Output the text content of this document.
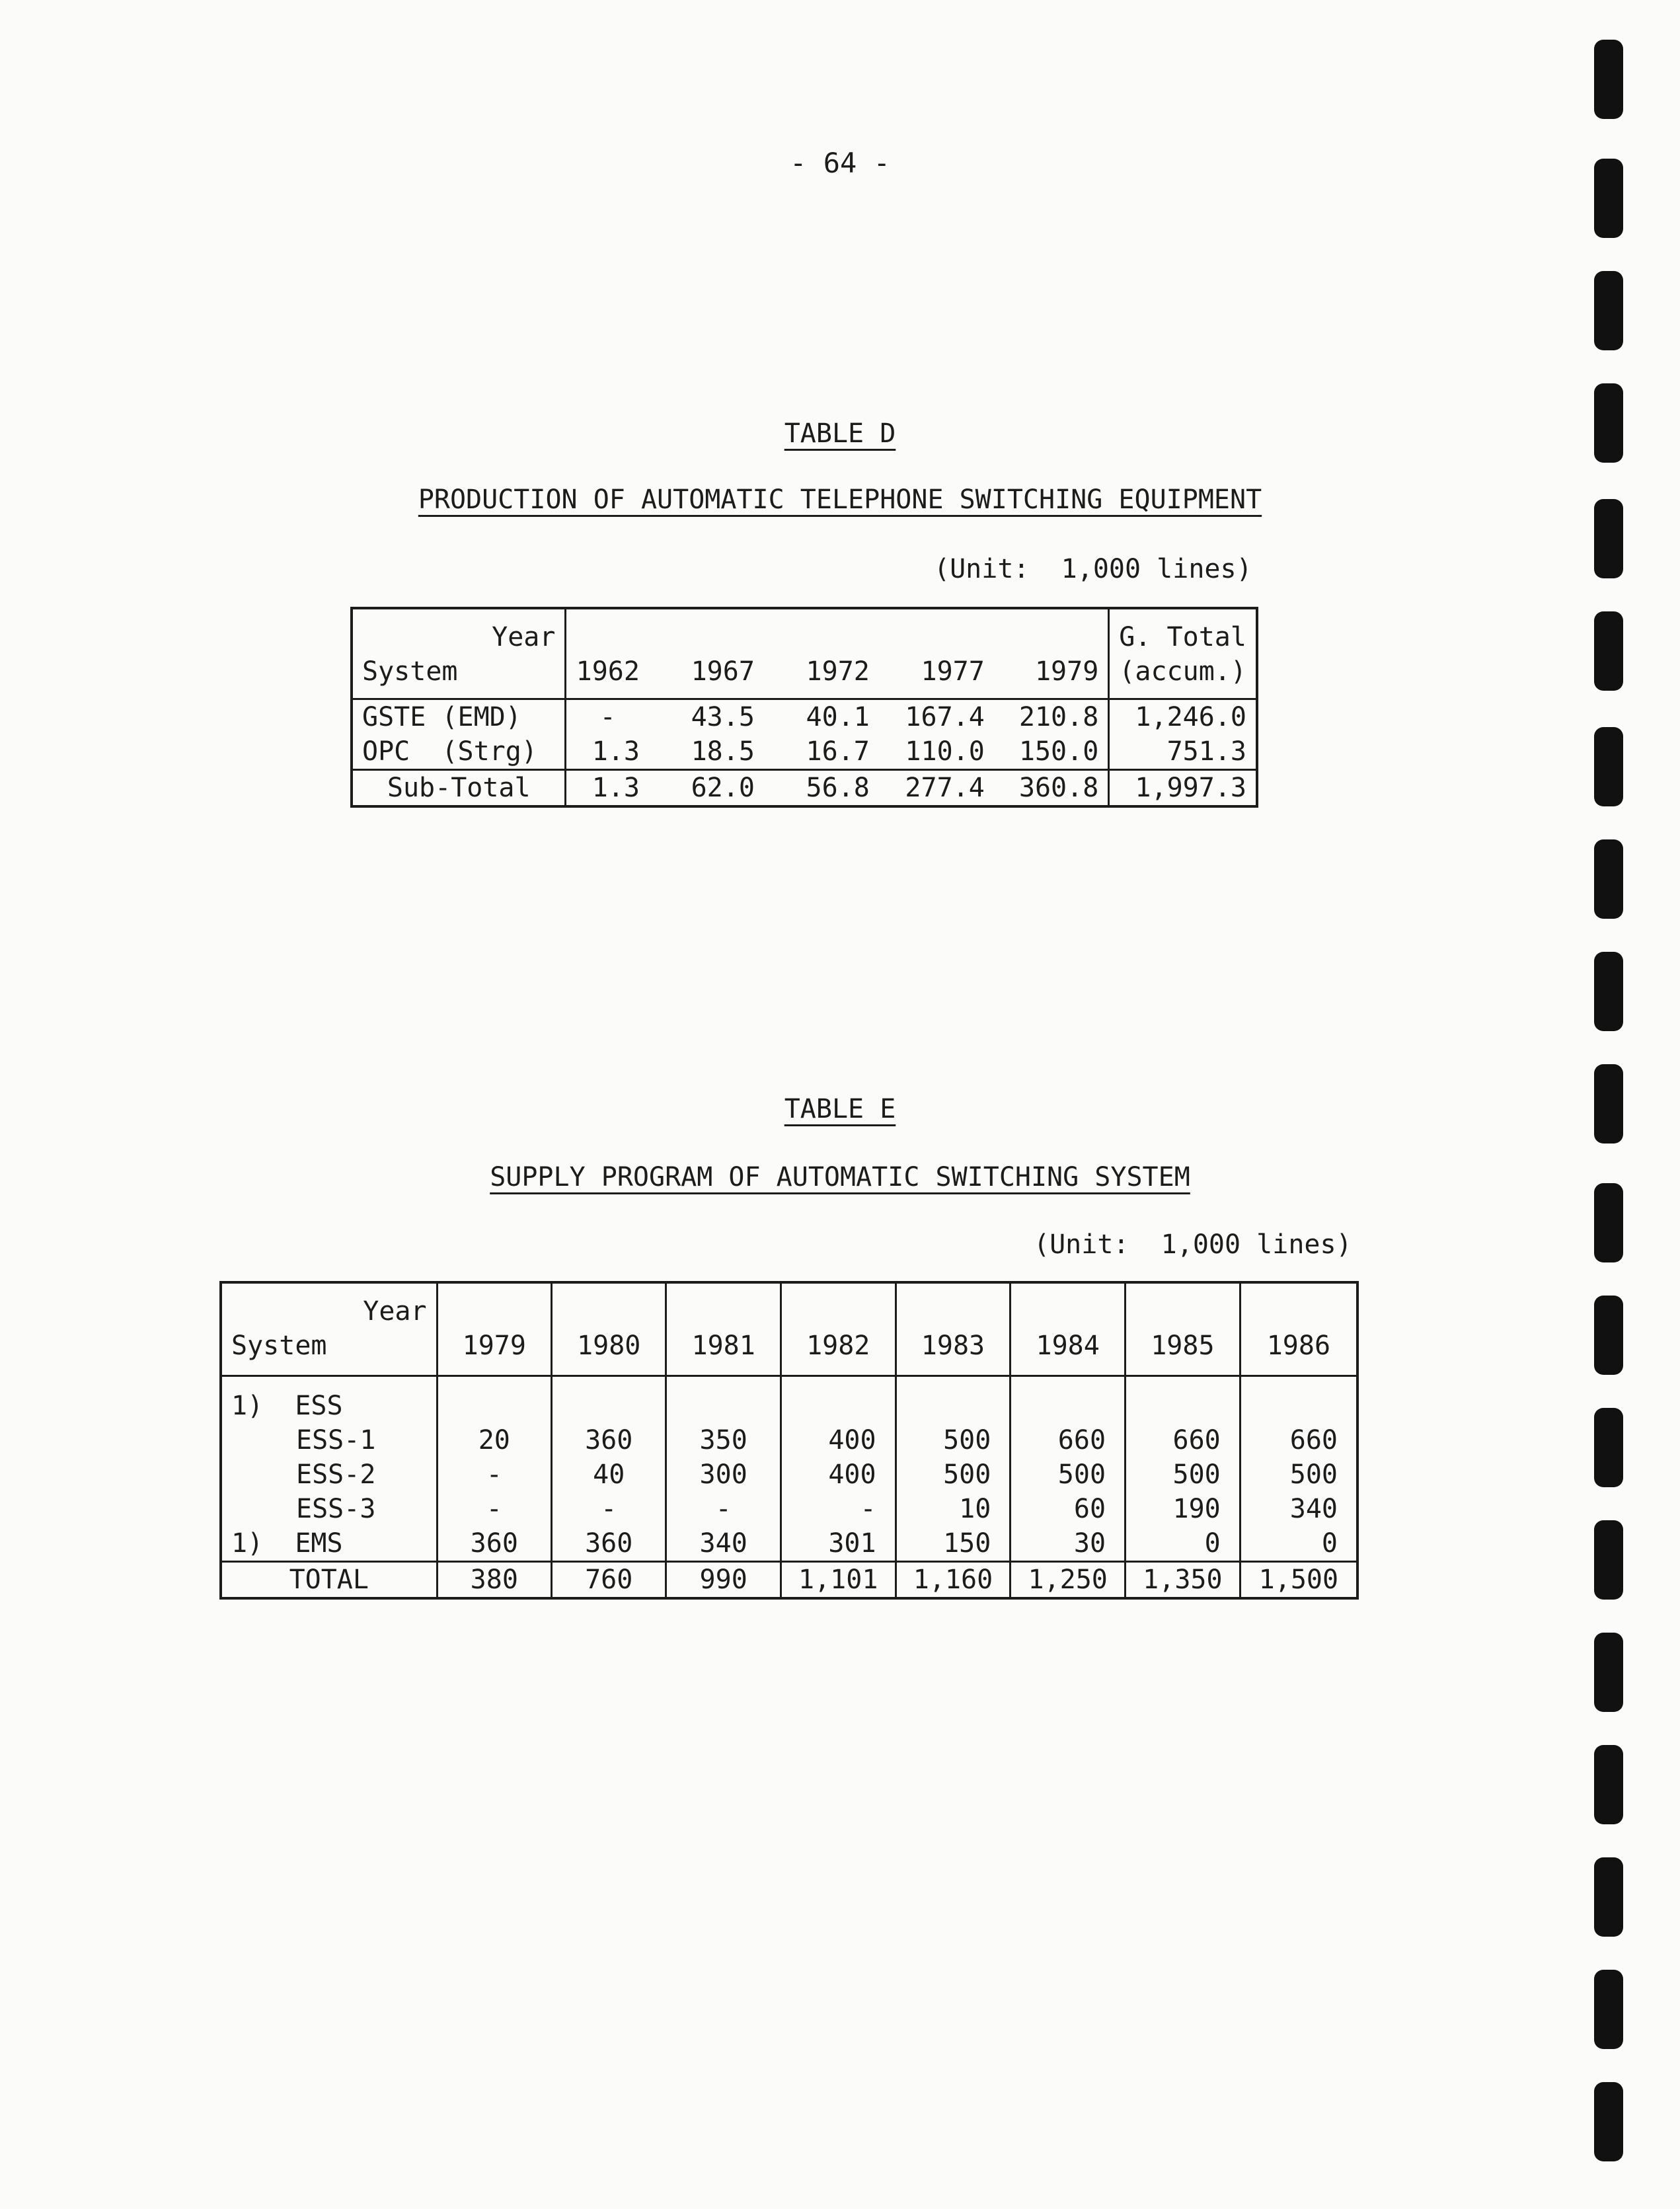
- 64 -
TABLE D
PRODUCTION OF AUTOMATIC TELEPHONE SWITCHING EQUIPMENT
(Unit:  1,000 lines)
Year	1962	1967	1972	1977	1979	G. Total
System						(accum.)
GSTE (EMD)	-	43.5	40.1	167.4	210.8	1,246.0
OPC  (Strg)	1.3	18.5	16.7	110.0	150.0	751.3
Sub-Total	1.3	62.0	56.8	277.4	360.8	1,997.3
TABLE E
SUPPLY PROGRAM OF AUTOMATIC SWITCHING SYSTEM
(Unit:  1,000 lines)
Year	1979	1980	1981	1982	1983	1984	1985	1986
System								
1)  ESS								
ESS-1	20	360	350	400	500	660	660	660
ESS-2	-	40	300	400	500	500	500	500
ESS-3	-	-	-	-	10	60	190	340
1)  EMS	360	360	340	301	150	30	0	0
TOTAL	380	760	990	1,101	1,160	1,250	1,350	1,500
